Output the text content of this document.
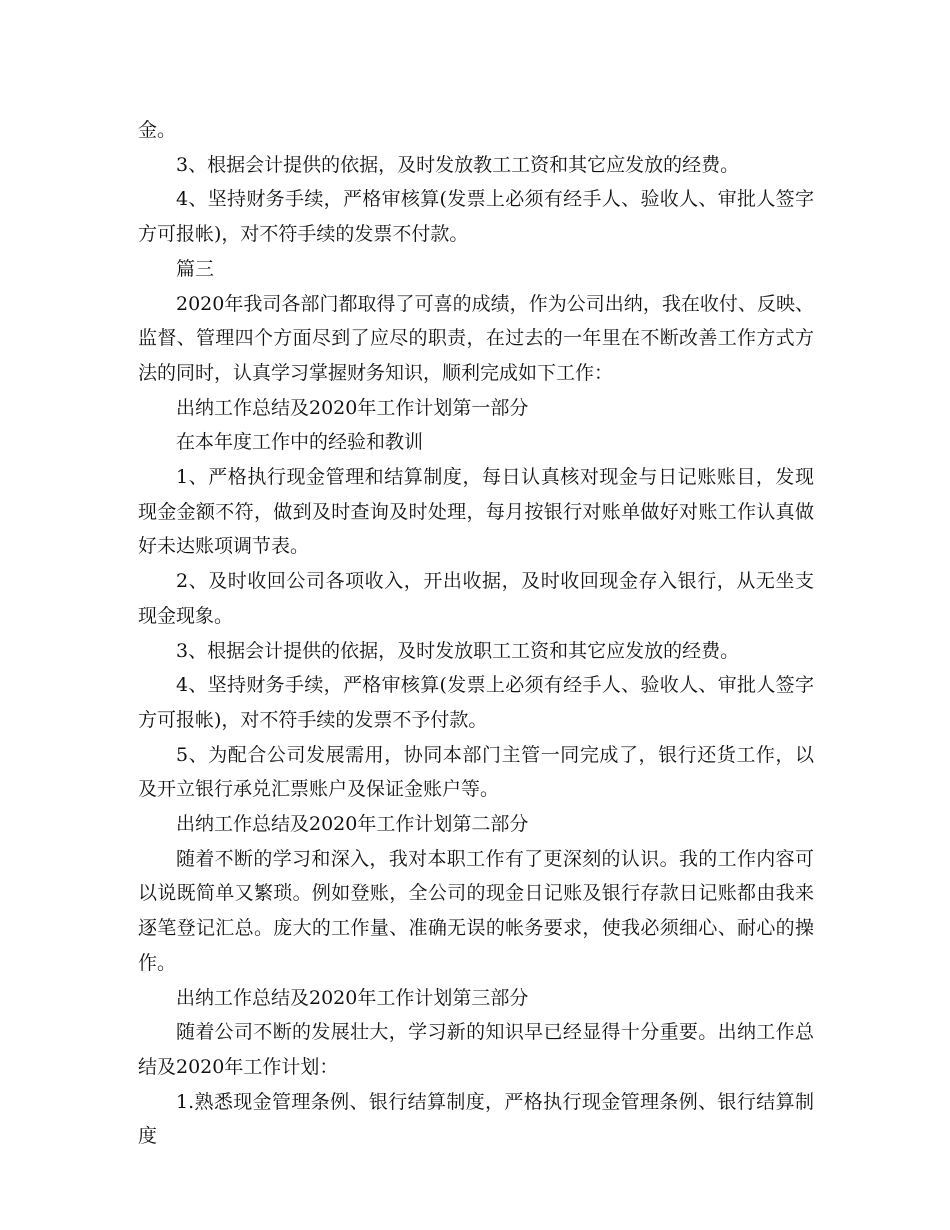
金。

3、根据会计提供的依据，及时发放教工工资和其它应发放的经费。

4、坚持财务手续，严格审核算(发票上必须有经手人、验收人、审批人签字方可报帐)，对不符手续的发票不付款。

篇三

2020年我司各部门都取得了可喜的成绩，作为公司出纳，我在收付、反映、监督、管理四个方面尽到了应尽的职责，在过去的一年里在不断改善工作方式方法的同时，认真学习掌握财务知识，顺利完成如下工作：

出纳工作总结及2020年工作计划第一部分

在本年度工作中的经验和教训

1、严格执行现金管理和结算制度，每日认真核对现金与日记账账目，发现现金金额不符，做到及时查询及时处理，每月按银行对账单做好对账工作认真做好未达账项调节表。

2、及时收回公司各项收入，开出收据，及时收回现金存入银行，从无坐支现金现象。

3、根据会计提供的依据，及时发放职工工资和其它应发放的经费。

4、坚持财务手续，严格审核算(发票上必须有经手人、验收人、审批人签字方可报帐)，对不符手续的发票不予付款。

5、为配合公司发展需用，协同本部门主管一同完成了，银行还货工作，以及开立银行承兑汇票账户及保证金账户等。

出纳工作总结及2020年工作计划第二部分

随着不断的学习和深入，我对本职工作有了更深刻的认识。我的工作内容可以说既简单又繁琐。例如登账，全公司的现金日记账及银行存款日记账都由我来逐笔登记汇总。庞大的工作量、准确无误的帐务要求，使我必须细心、耐心的操作。

出纳工作总结及2020年工作计划第三部分

随着公司不断的发展壮大，学习新的知识早已经显得十分重要。出纳工作总结及2020年工作计划：

1.熟悉现金管理条例、银行结算制度，严格执行现金管理条例、银行结算制度
